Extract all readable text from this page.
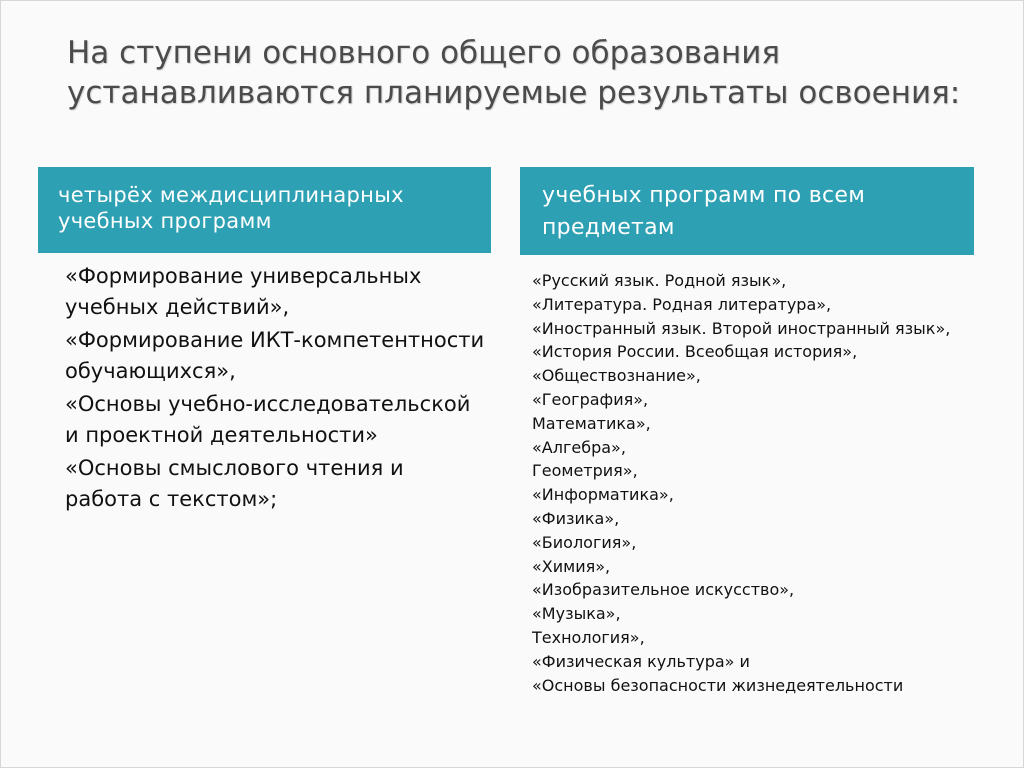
На ступени основного общего образования устанавливаются планируемые результаты освоения:
четырёх междисциплинарных учебных программ
учебных программ по всем предметам
«Формирование универсальных учебных действий»,
«Формирование ИКТ-компетентности обучающихся»,
«Основы учебно-исследовательской и проектной деятельности»
«Основы смыслового чтения и работа с текстом»;
«Русский язык. Родной язык»,
«Литература. Родная литература»,
«Иностранный язык. Второй иностранный язык»,
«История России. Всеобщая история»,
«Обществознание»,
«География»,
Математика»,
«Алгебра»,
Геометрия»,
«Информатика»,
«Физика»,
«Биология»,
«Химия»,
«Изобразительное искусство»,
«Музыка»,
Технология»,
«Физическая культура» и
«Основы безопасности жизнедеятельности
